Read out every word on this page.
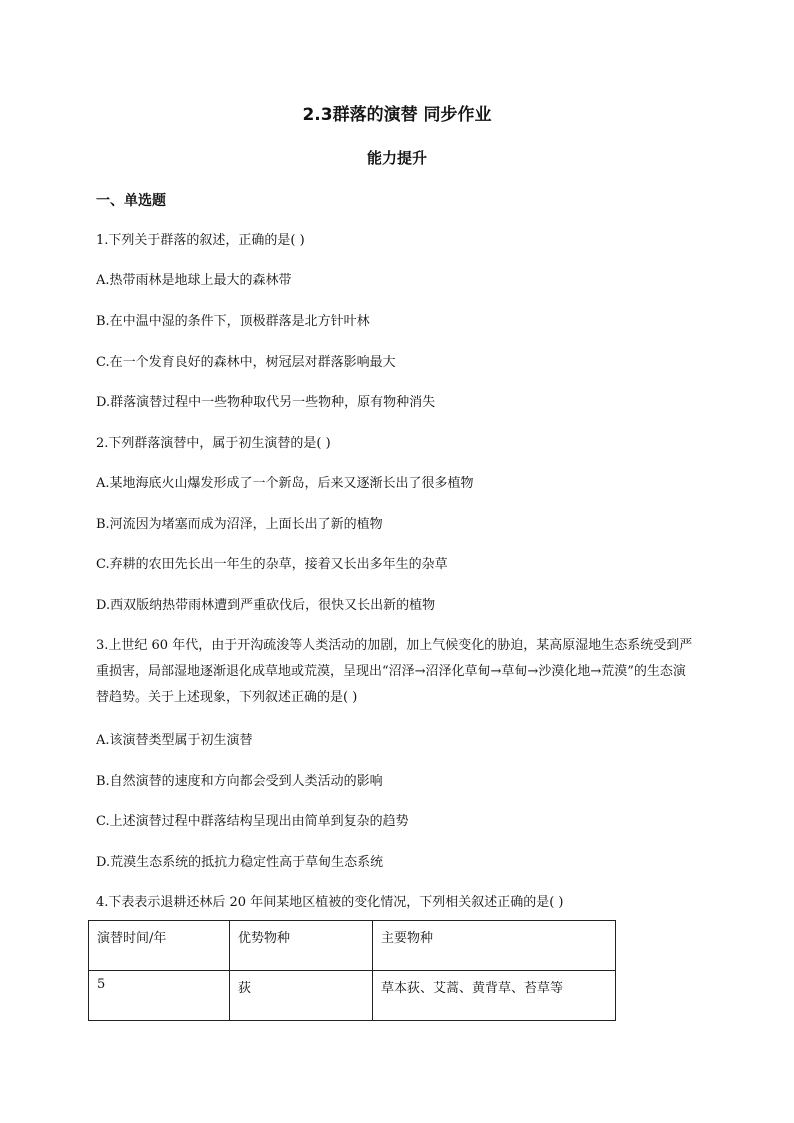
2.3群落的演替 同步作业
能力提升
一、单选题
1.下列关于群落的叙述，正确的是( )
A.热带雨林是地球上最大的森林带
B.在中温中湿的条件下，顶极群落是北方针叶林
C.在一个发育良好的森林中，树冠层对群落影响最大
D.群落演替过程中一些物种取代另一些物种，原有物种消失
2.下列群落演替中，属于初生演替的是( )
A.某地海底火山爆发形成了一个新岛，后来又逐渐长出了很多植物
B.河流因为堵塞而成为沼泽，上面长出了新的植物
C.弃耕的农田先长出一年生的杂草，接着又长出多年生的杂草
D.西双版纳热带雨林遭到严重砍伐后，很快又长出新的植物
3.上世纪 60 年代，由于开沟疏浚等人类活动的加剧，加上气候变化的胁迫，某高原湿地生态系统受到严重损害，局部湿地逐渐退化成草地或荒漠，呈现出“沼泽→沼泽化草甸→草甸→沙漠化地→荒漠”的生态演替趋势。关于上述现象，下列叙述正确的是( )
A.该演替类型属于初生演替
B.自然演替的速度和方向都会受到人类活动的影响
C.上述演替过程中群落结构呈现出由简单到复杂的趋势
D.荒漠生态系统的抵抗力稳定性高于草甸生态系统
4.下表表示退耕还林后 20 年间某地区植被的变化情况，下列相关叙述正确的是( )
演替时间/年	优势物种	主要物种
5	荻	草本荻、艾蒿、黄背草、苔草等
